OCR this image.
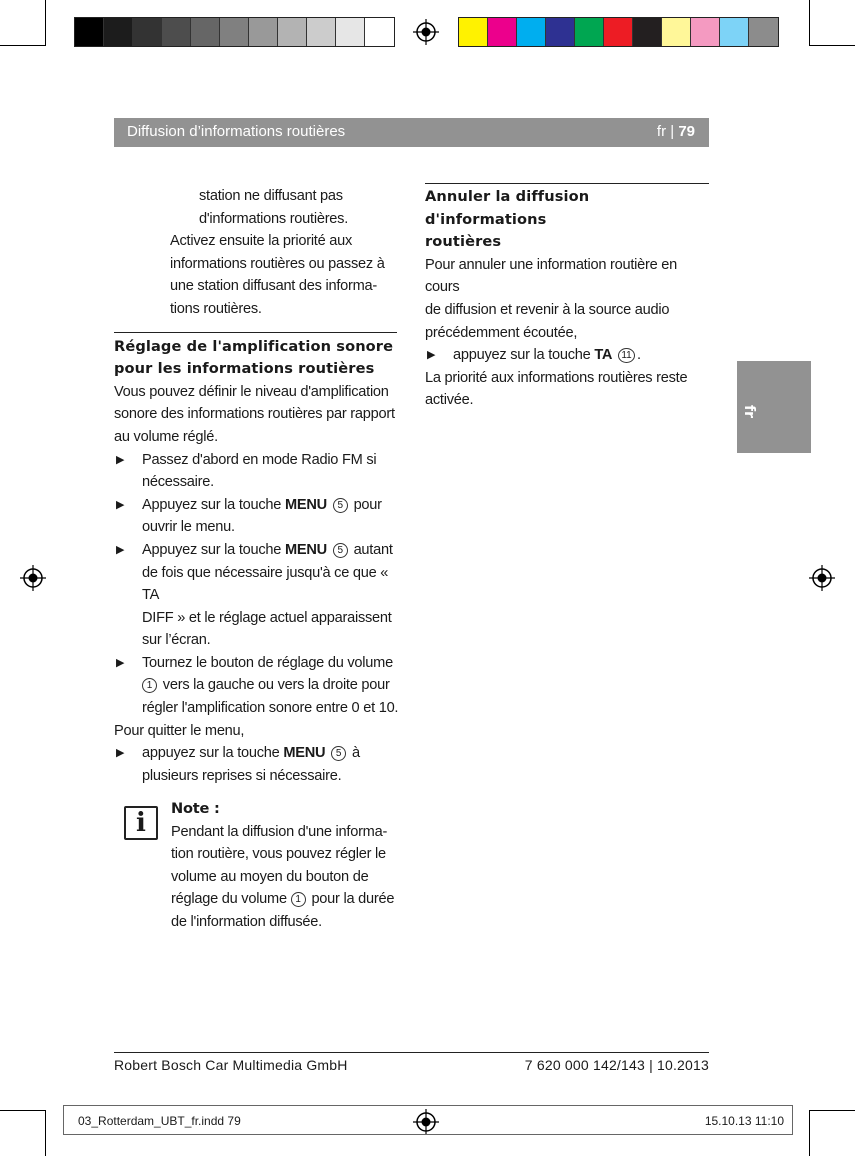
Diffusion d’informations routières	fr | 79
fr

station ne diffusant pas

d'informations routières.

Activez ensuite la priorité aux

informations routières ou passez à

une station diffusant des informa-

tions routières.

Réglage de l'amplification sonore

pour les informations routières

Vous pouvez définir le niveau d'amplification

sonore des informations routières par rapport

au volume réglé.

▶ Passez d'abord en mode Radio FM si

nécessaire.

▶ Appuyez sur la touche MENU 5 pour

ouvrir le menu.

▶ Appuyez sur la touche MENU 5 autant

de fois que nécessaire jusqu'à ce que « TA

DIFF » et le réglage actuel apparaissent

sur l’écran.

▶ Tournez le bouton de réglage du volume

1 vers la gauche ou vers la droite pour

régler l'amplification sonore entre 0 et 10.

Pour quitter le menu,

▶ appuyez sur la touche MENU 5 à

plusieurs reprises si nécessaire.

i	Note :

Pendant la diffusion d'une informa-

tion routière, vous pouvez régler le

volume au moyen du bouton de

réglage du volume 1 pour la durée

de l'information diffusée.

Annuler la diffusion d'informations

routières

Pour annuler une information routière en cours

de diffusion et revenir à la source audio

précédemment écoutée,

▶ appuyez sur la touche TA 11 .

La priorité aux informations routières reste

activée.

Robert Bosch Car Multimedia GmbH	7 620 000 142/143 | 10.2013
03_Rotterdam_UBT_fr.indd 79	15.10.13 11:10
